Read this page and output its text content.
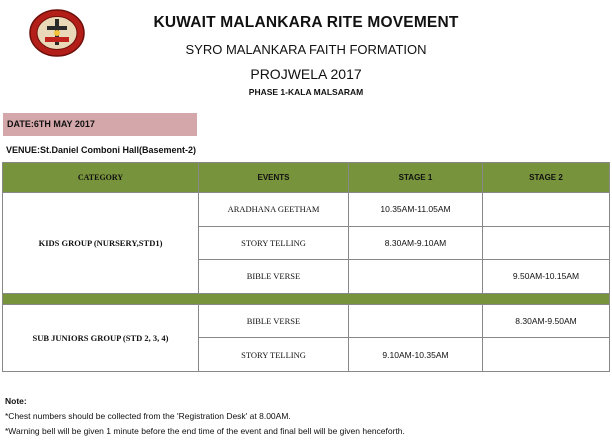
KUWAIT MALANKARA RITE MOVEMENT
SYRO MALANKARA FAITH FORMATION
PROJWELA 2017
PHASE 1-KALA MALSARAM
DATE:6TH MAY 2017
VENUE:St.Daniel Comboni Hall(Basement-2)
CATEGORY	EVENTS	STAGE 1	STAGE 2
KIDS GROUP (NURSERY,STD1)	ARADHANA GEETHAM	10.35AM-11.05AM	
	STORY TELLING	8.30AM-9.10AM	
	BIBLE VERSE		9.50AM-10.15AM

SUB JUNIORS GROUP (STD 2, 3, 4)	BIBLE VERSE		8.30AM-9.50AM
	STORY TELLING	9.10AM-10.35AM	
Note:
*Chest numbers should be collected from the 'Registration Desk' at 8.00AM.
*Warning bell will be given 1 minute before the end time of the event and final bell will be given henceforth.
